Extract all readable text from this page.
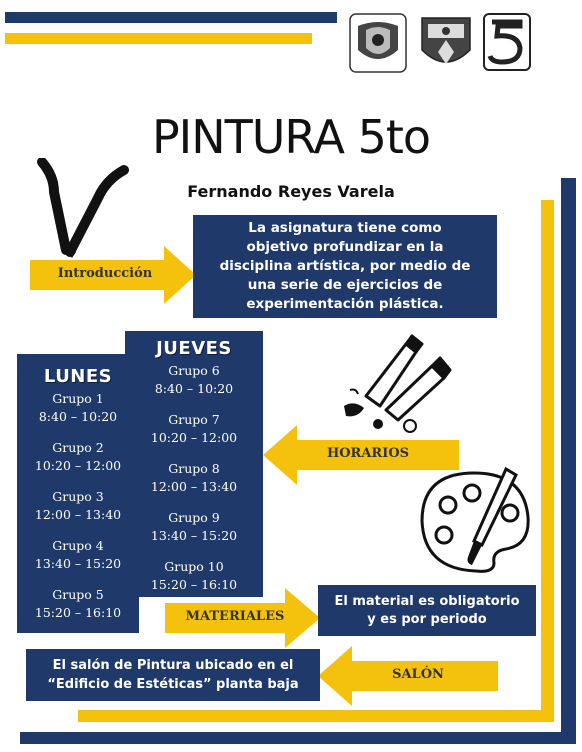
PINTURA 5to
Fernando Reyes Varela
Introducción
La asignatura tiene como objetivo profundizar en la disciplina artística, por medio de una serie de ejercicios de experimentación plástica.
LUNES
JUEVES
Grupo 1
8:40 – 10:20
Grupo 2
10:20 – 12:00
Grupo 3
12:00 – 13:40
Grupo 4
13:40 – 15:20
Grupo 5
15:20 – 16:10
Grupo 6
8:40 – 10:20
Grupo 7
10:20 – 12:00
Grupo 8
12:00 – 13:40
Grupo 9
13:40 – 15:20
Grupo 10
15:20 – 16:10
HORARIOS
MATERIALES
El material es obligatorio y es por periodo
SALÓN
El salón de Pintura ubicado en el “Edificio de Estéticas” planta baja
